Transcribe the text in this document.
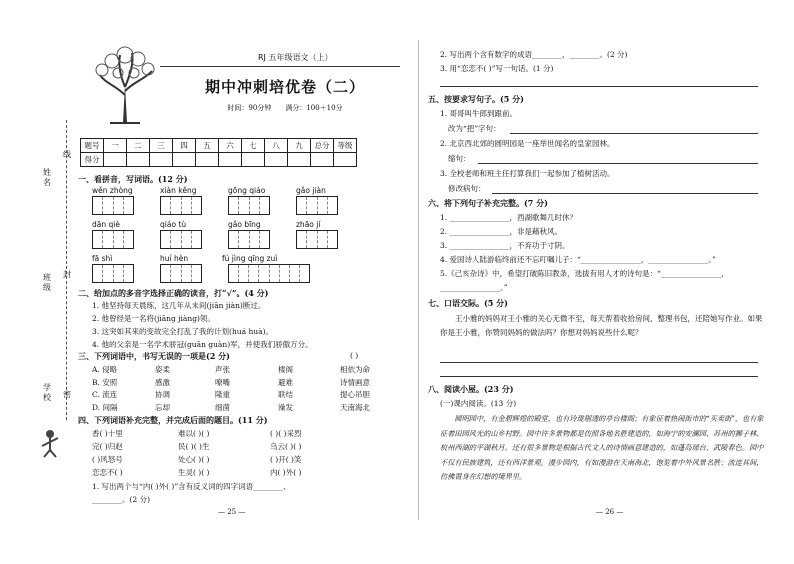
姓名
线
班级
封
学校 密
RJ 五年级语文（上）
期中冲刺培优卷（二）
时间：90分钟　　满分：100＋10分
题号	一	二	三	四	五	六	七	八	九	总分	等级
得分											
一、看拼音，写词语。(12 分)
wěn zhòng	xiàn kěng	gōng qiáo	gǎo jiàn
dān qiè	qiáo tù	gǎo bīng	zhāo jí
fā shì	huí hèn	fú jìng qīng zuì
二、给加点的多音字选择正确的读音，打“√”。(4 分)
1. 他坚持每天晨练，这几年从未间(jiān jiàn)断过。
2. 他曾经是一名将(jiāng jiàng)领。
3. 这突如其来的变故完全打乱了我的计划(huá huà)。
4. 他的父亲是一名学术骄冠(guān guàn)军，并使我们骄傲万分。
三、下列词语中，书写无误的一项是(2 分)	( )
A. 侵略	姿柔	声张	楼阁	相依为命
B. 安照	感激	嘹嘴	避难	诗情画意
C. 流连	协调	隆重	联结	提心吊胆
D. 间隔	忘却	细菌	澡发	天南海北
四、下列词语补充完整，并完成后面的题目。(11 分)
香( )十里	难以( )( )	( )( )采烈
完( )归赵	民( )( )生	乌云( )( )
( )风怒号	处心( )( )	( )开( )笑
恋恋不( )	生灵( )( )	内( )外( )
1. 写出两个与“内( )外( )”含有反义词的四字词语________、
________。(2 分)
— 25 —
2. 写出两个含有数字的成语________、________。(2 分)
3. 用“恋恋不( )”写一句话。(1 分)
五、按要求写句子。(5 分)
1. 哥哥叫牛郎到跟前。
改为“把”字句：
2. 北京西北郊的圆明园是一座举世闻名的皇家园林。
缩句：
3. 全校老师和班主任打算我们一起参加了植树活动。
修改病句：
六、将下列句子补充完整。(7 分)
1. ________________，西湖歌舞几时休？
2. ________________，非是藉秋风。
3. ________________，不弃功于寸阴。
4. 爱国诗人陆游临终前还不忘叮嘱儿子：“________________，________________。”
5.《己亥杂诗》中，希望打破陈旧教条，选拔有用人才的诗句是：“________________，
________________。”
七、口语交际。(5 分)
王小雅的妈妈对王小雅的关心无微不至，每天帮着收拾房间，整理书包，还陪她写作业。如果你是王小雅，你赞同妈妈的做法吗？你想对妈妈说些什么呢？
八、阅读小屋。(23 分)
(一)课内阅读。(13 分)
圆明园中，有金碧辉煌的殿堂，也有玲珑剔透的亭台楼阁；有象征着热闹街市的“买卖街”，也有象征着田园风光的山乡村野。园中许多景物都是仿照各地名胜建造的，如海宁的安澜园、苏州的狮子林、杭州西湖的平湖秋月。还有很多景物是根据古代文人的诗情画意建造的，如蓬岛瑶台、武陵春色。园中不仅有民族建筑，还有西洋景观。漫步园内，有如漫游在天南海北，饱览着中外风景名胜；流连其间，仿佛置身在幻想的境界里。
— 26 —
